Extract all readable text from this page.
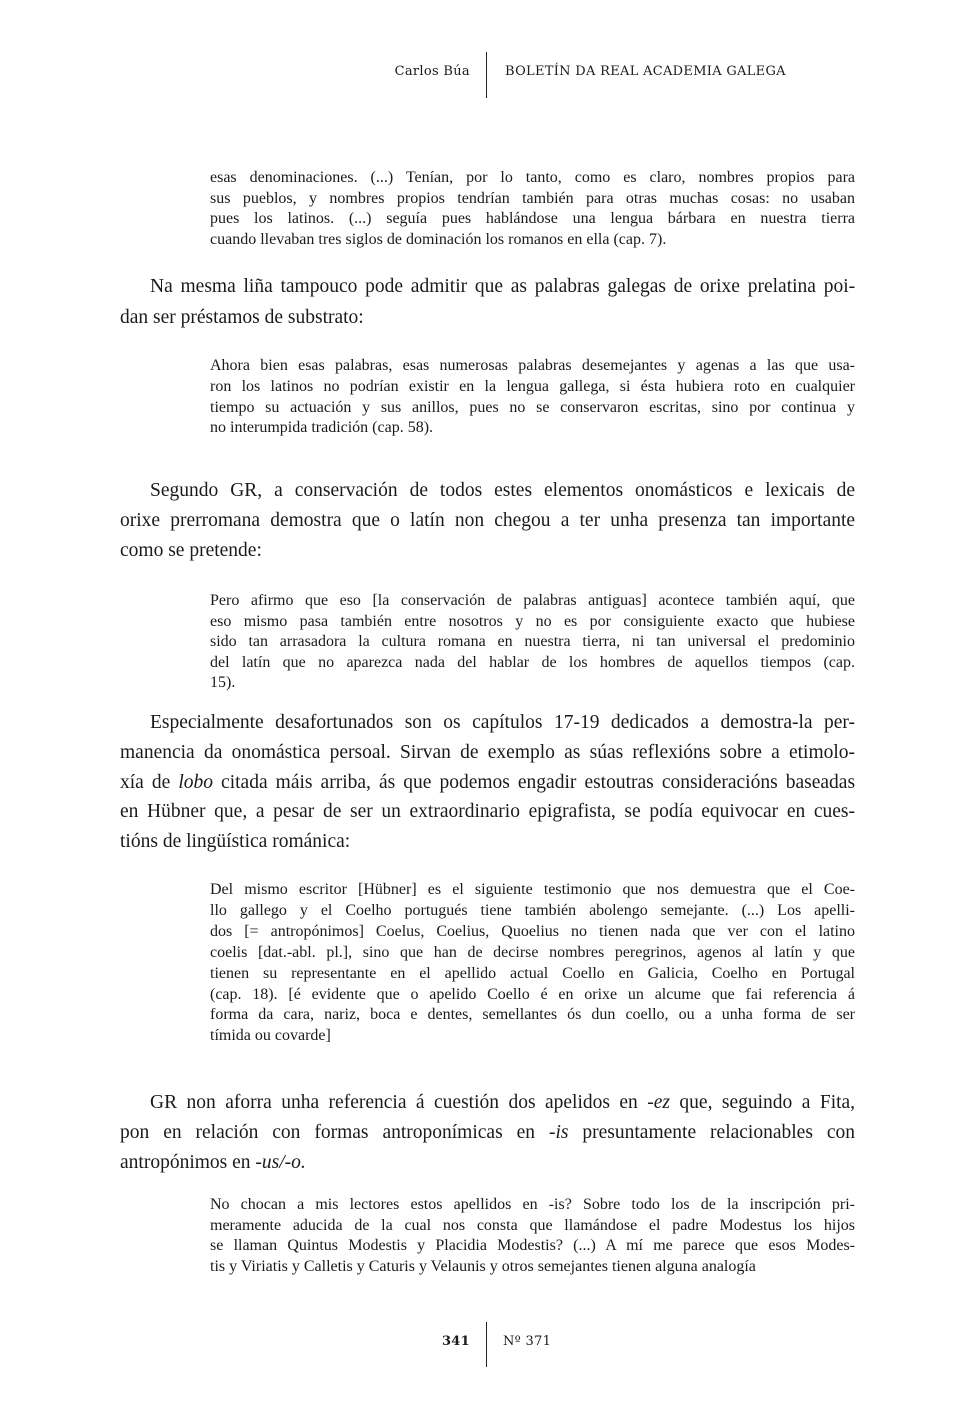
Carlos Búa	BOLETÍN DA REAL ACADEMIA GALEGA
esas denominaciones. (...) Tenían, por lo tanto, como es claro, nombres propios para
sus pueblos, y nombres propios tendrían también para otras muchas cosas: no usaban
pues los latinos. (...) seguía pues hablándose una lengua bárbara en nuestra tierra
cuando llevaban tres siglos de dominación los romanos en ella (cap. 7).
Na mesma liña tampouco pode admitir que as palabras galegas de orixe prelatina poi-
dan ser préstamos de substrato:
Ahora bien esas palabras, esas numerosas palabras desemejantes y agenas a las que usa-
ron los latinos no podrían existir en la lengua gallega, si ésta hubiera roto en cualquier
tiempo su actuación y sus anillos, pues no se conservaron escritas, sino por continua y
no interumpida tradición (cap. 58).
Segundo GR, a conservación de todos estes elementos onomásticos e lexicais de
orixe prerromana demostra que o latín non chegou a ter unha presenza tan importante
como se pretende:
Pero afirmo que eso [la conservación de palabras antiguas] acontece también aquí, que
eso mismo pasa también entre nosotros y no es por consiguiente exacto que hubiese
sido tan arrasadora la cultura romana en nuestra tierra, ni tan universal el predominio
del latín que no aparezca nada del hablar de los hombres de aquellos tiempos (cap.
15).
Especialmente desafortunados son os capítulos 17-19 dedicados a demostra-la per-
manencia da onomástica persoal. Sirvan de exemplo as súas reflexións sobre a etimolo-
xía de lobo citada máis arriba, ás que podemos engadir estoutras consideracións baseadas
en Hübner que, a pesar de ser un extraordinario epigrafista, se podía equivocar en cues-
tións de lingüística románica:
Del mismo escritor [Hübner] es el siguiente testimonio que nos demuestra que el Coe-
llo gallego y el Coelho portugués tiene también abolengo semejante. (...) Los apelli-
dos [= antropónimos] Coelus, Coelius, Quoelius no tienen nada que ver con el latino
coelis [dat.-abl. pl.], sino que han de decirse nombres peregrinos, agenos al latín y que
tienen su representante en el apellido actual Coello en Galicia, Coelho en Portugal
(cap. 18). [é evidente que o apelido Coello é en orixe un alcume que fai referencia á
forma da cara, nariz, boca e dentes, semellantes ós dun coello, ou a unha forma de ser
tímida ou covarde]
GR non aforra unha referencia á cuestión dos apelidos en -ez que, seguindo a Fita,
pon en relación con formas antroponímicas en -is presuntamente relacionables con
antropónimos en -us/-o.
No chocan a mis lectores estos apellidos en -is? Sobre todo los de la inscripción pri-
meramente aducida de la cual nos consta que llamándose el padre Modestus los hijos
se llaman Quintus Modestis y Placidia Modestis? (...) A mí me parece que esos Modes-
tis y Viriatis y Calletis y Caturis y Velaunis y otros semejantes tienen alguna analogía
341	Nº 371
